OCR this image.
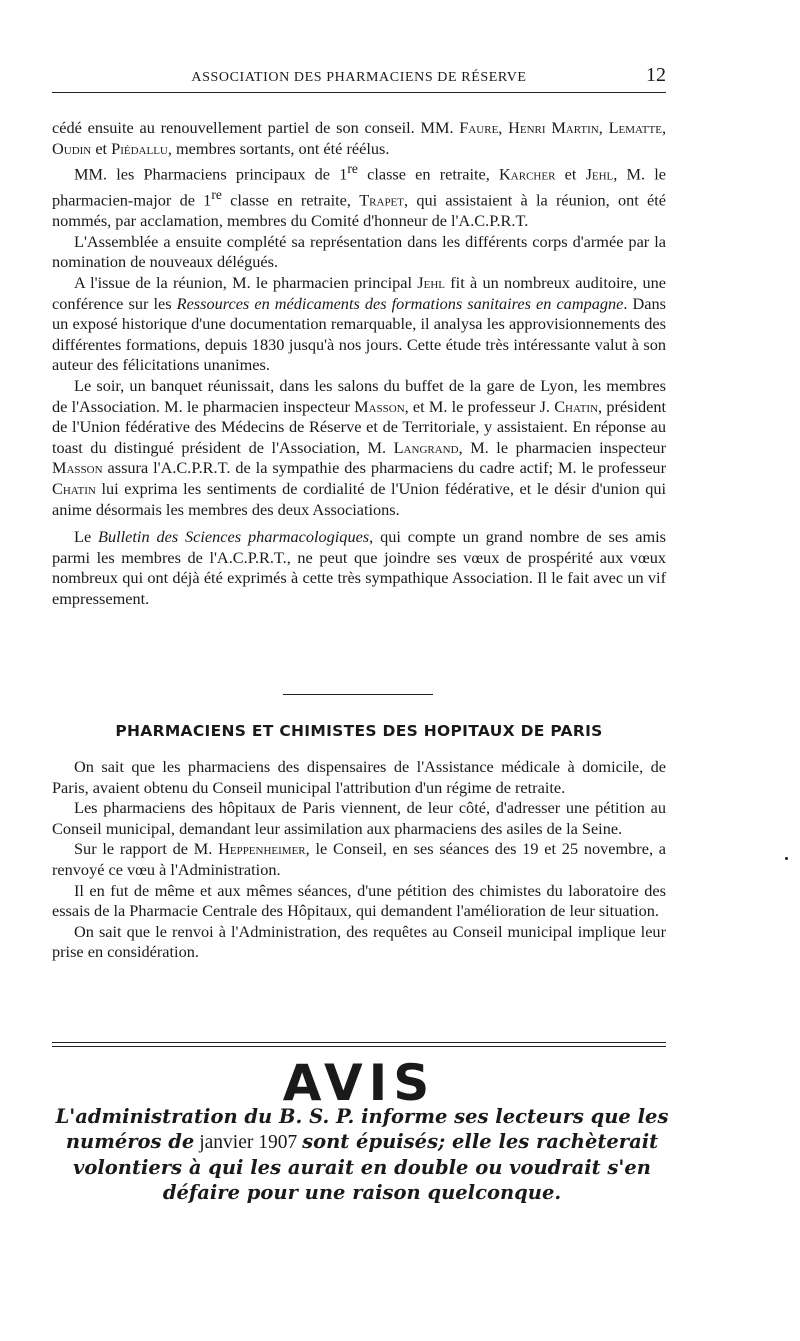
ASSOCIATION DES PHARMACIENS DE RÉSERVE	12

cédé ensuite au renouvellement partiel de son conseil. MM. Faure, Henri Martin, Lematte, Oudin et Piédallu, membres sortants, ont été réélus.

MM. les Pharmaciens principaux de 1re classe en retraite, Karcher et Jehl, M. le pharmacien-major de 1re classe en retraite, Trapet, qui assistaient à la réunion, ont été nommés, par acclamation, membres du Comité d'honneur de l'A.C.P.R.T.

L'Assemblée a ensuite complété sa représentation dans les différents corps d'armée par la nomination de nouveaux délégués.

A l'issue de la réunion, M. le pharmacien principal Jehl fit à un nombreux auditoire, une conférence sur les Ressources en médicaments des formations sanitaires en campagne. Dans un exposé historique d'une documentation remarquable, il analysa les approvisionnements des différentes formations, depuis 1830 jusqu'à nos jours. Cette étude très intéressante valut à son auteur des félicitations unanimes.

Le soir, un banquet réunissait, dans les salons du buffet de la gare de Lyon, les membres de l'Association. M. le pharmacien inspecteur Masson, et M. le professeur J. Chatin, président de l'Union fédérative des Médecins de Réserve et de Territoriale, y assistaient. En réponse au toast du distingué président de l'Association, M. Langrand, M. le pharmacien inspecteur Masson assura l'A.C.P.R.T. de la sympathie des pharmaciens du cadre actif; M. le professeur Chatin lui exprima les sentiments de cordialité de l'Union fédérative, et le désir d'union qui anime désormais les membres des deux Associations.

Le Bulletin des Sciences pharmacologiques, qui compte un grand nombre de ses amis parmi les membres de l'A.C.P.R.T., ne peut que joindre ses vœux de prospérité aux vœux nombreux qui ont déjà été exprimés à cette très sympathique Association. Il le fait avec un vif empressement.

PHARMACIENS ET CHIMISTES DES HOPITAUX DE PARIS

On sait que les pharmaciens des dispensaires de l'Assistance médicale à domicile, de Paris, avaient obtenu du Conseil municipal l'attribution d'un régime de retraite.

Les pharmaciens des hôpitaux de Paris viennent, de leur côté, d'adresser une pétition au Conseil municipal, demandant leur assimilation aux pharmaciens des asiles de la Seine.

Sur le rapport de M. Heppenheimer, le Conseil, en ses séances des 19 et 25 novembre, a renvoyé ce vœu à l'Administration.

Il en fut de même et aux mêmes séances, d'une pétition des chimistes du laboratoire des essais de la Pharmacie Centrale des Hôpitaux, qui demandent l'amélioration de leur situation.

On sait que le renvoi à l'Administration, des requêtes au Conseil municipal implique leur prise en considération.

AVIS
L'administration du B. S. P. informe ses lecteurs que les numéros de janvier 1907 sont épuisés; elle les rachèterait volontiers à qui les aurait en double ou voudrait s'en défaire pour une raison quelconque.
